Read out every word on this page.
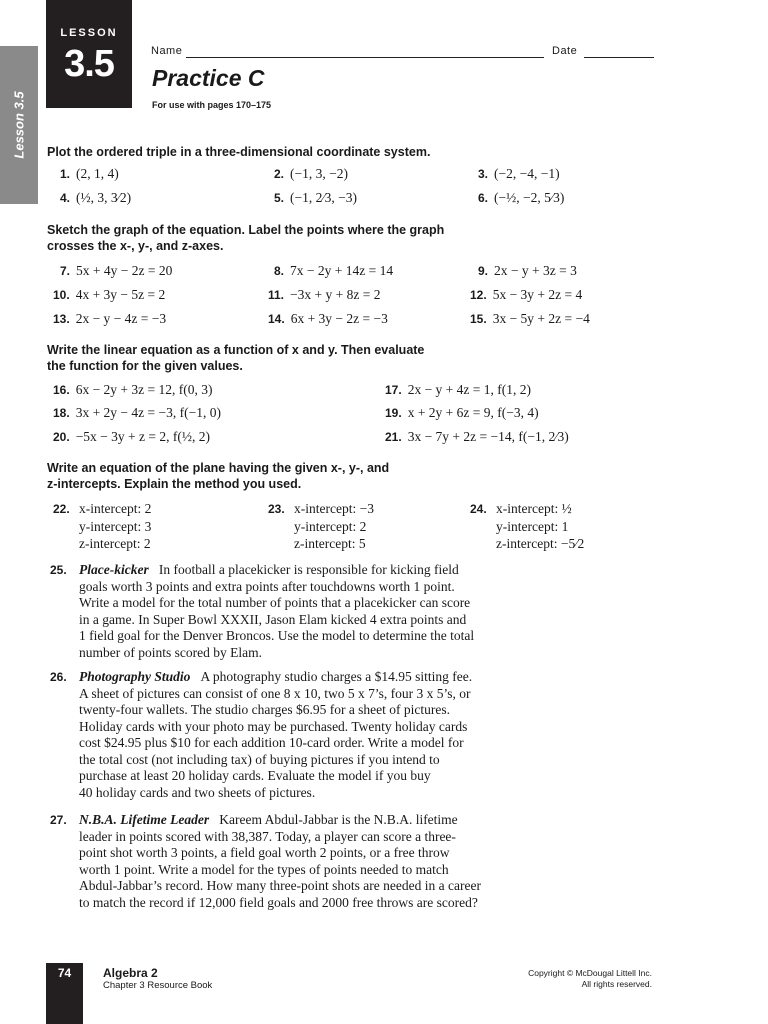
Lesson 3.5
LESSON
3.5	Name	Date
Practice C
For use with pages 170–175
Plot the ordered triple in a three-dimensional coordinate system.
1. (2, 1, 4)	2. (−1, 3, −2)	3. (−2, −4, −1)
4. (½, 3, 3⁄2)	5. (−1, 2⁄3, −3)	6. (−½, −2, 5⁄3)
Sketch the graph of the equation. Label the points where the graph
crosses the x-, y-, and z-axes.
7. 5x + 4y − 2z = 20	8. 7x − 2y + 14z = 14	9. 2x − y + 3z = 3
10. 4x + 3y − 5z = 2	11. −3x + y + 8z = 2	12. 5x − 3y + 2z = 4
13. 2x − y − 4z = −3	14. 6x + 3y − 2z = −3	15. 3x − 5y + 2z = −4
Write the linear equation as a function of x and y. Then evaluate
the function for the given values.
16. 6x − 2y + 3z = 12, f(0, 3)	17. 2x − y + 4z = 1, f(1, 2)
18. 3x + 2y − 4z = −3, f(−1, 0)	19. x + 2y + 6z = 9, f(−3, 4)
20. −5x − 3y + z = 2, f(½, 2)	21. 3x − 7y + 2z = −14, f(−1, 2⁄3)
Write an equation of the plane having the given x-, y-, and
z-intercepts. Explain the method you used.
22. x-intercept: 2
y-intercept: 3
z-intercept: 2
23. x-intercept: −3
y-intercept: 2
z-intercept: 5
24. x-intercept: ½
y-intercept: 1
z-intercept: −5⁄2
25. Place-kicker In football a placekicker is responsible for kicking field
goals worth 3 points and extra points after touchdowns worth 1 point.
Write a model for the total number of points that a placekicker can score
in a game. In Super Bowl XXXII, Jason Elam kicked 4 extra points and
1 field goal for the Denver Broncos. Use the model to determine the total
number of points scored by Elam.
26. Photography Studio A photography studio charges a $14.95 sitting fee.
A sheet of pictures can consist of one 8 x 10, two 5 x 7’s, four 3 x 5’s, or
twenty-four wallets. The studio charges $6.95 for a sheet of pictures.
Holiday cards with your photo may be purchased. Twenty holiday cards
cost $24.95 plus $10 for each addition 10-card order. Write a model for
the total cost (not including tax) of buying pictures if you intend to
purchase at least 20 holiday cards. Evaluate the model if you buy
40 holiday cards and two sheets of pictures.
27. N.B.A. Lifetime Leader Kareem Abdul-Jabbar is the N.B.A. lifetime
leader in points scored with 38,387. Today, a player can score a three-
point shot worth 3 points, a field goal worth 2 points, or a free throw
worth 1 point. Write a model for the types of points needed to match
Abdul-Jabbar’s record. How many three-point shots are needed in a career
to match the record if 12,000 field goals and 2000 free throws are scored?
74	Algebra 2
Chapter 3 Resource Book
Copyright © McDougal Littell Inc.
All rights reserved.
